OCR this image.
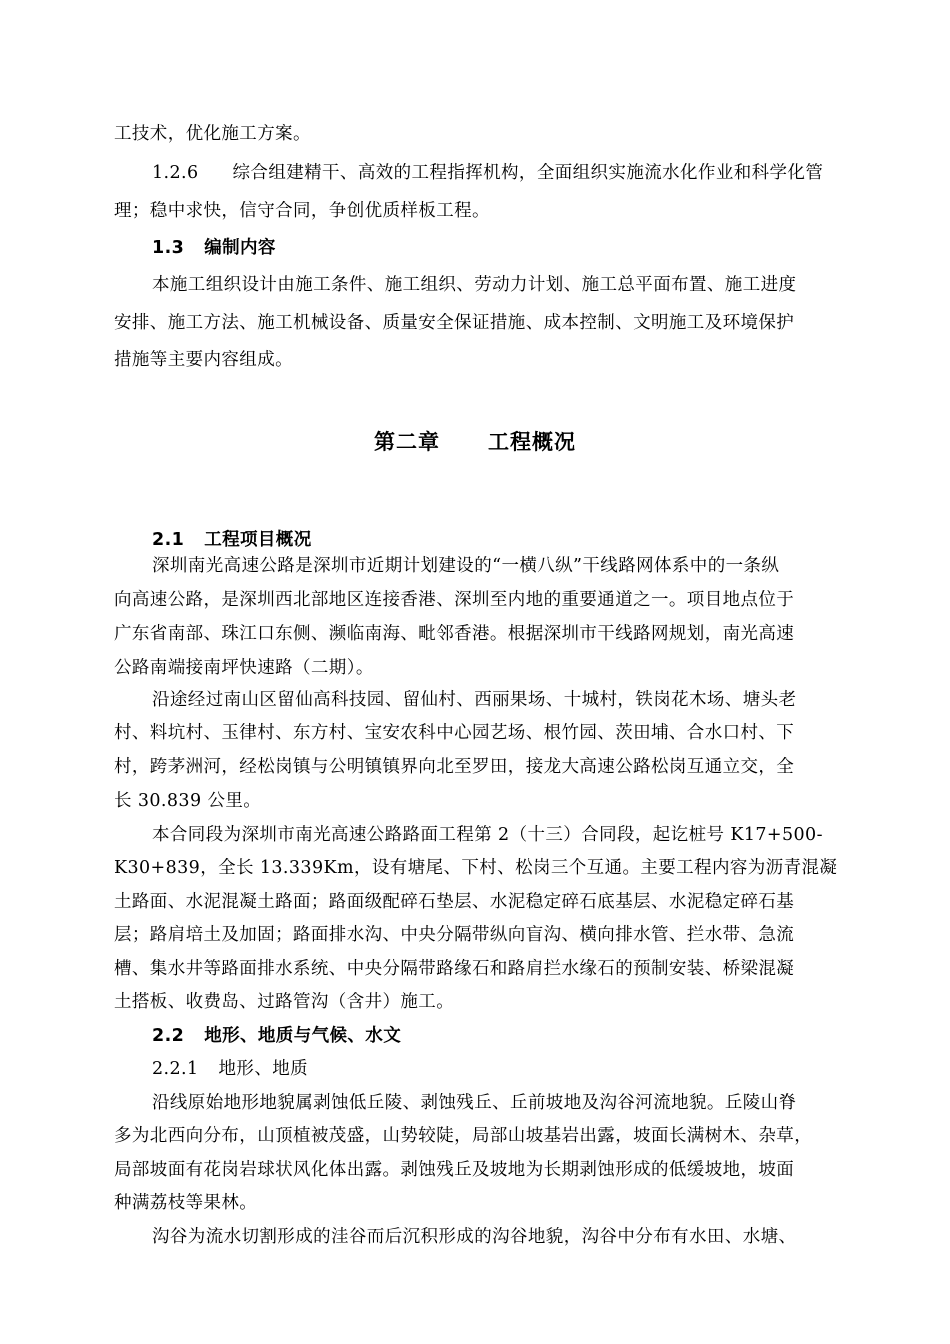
工技术，优化施工方案。
1.2.6 综合组建精干、高效的工程指挥机构，全面组织实施流水化作业和科学化管
理；稳中求快，信守合同，争创优质样板工程。
1.3 编制内容
本施工组织设计由施工条件、施工组织、劳动力计划、施工总平面布置、施工进度
安排、施工方法、施工机械设备、质量安全保证措施、成本控制、文明施工及环境保护
措施等主要内容组成。
第二章 工程概况
2.1 工程项目概况
深圳南光高速公路是深圳市近期计划建设的“一横八纵”干线路网体系中的一条纵
向高速公路，是深圳西北部地区连接香港、深圳至内地的重要通道之一。项目地点位于
广东省南部、珠江口东侧、濒临南海、毗邻香港。根据深圳市干线路网规划，南光高速
公路南端接南坪快速路（二期）。
沿途经过南山区留仙高科技园、留仙村、西丽果场、十城村，铁岗花木场、塘头老
村、料坑村、玉律村、东方村、宝安农科中心园艺场、根竹园、茨田埔、合水口村、下
村，跨茅洲河，经松岗镇与公明镇镇界向北至罗田，接龙大高速公路松岗互通立交，全
长 30.839 公里。
本合同段为深圳市南光高速公路路面工程第 2（十三）合同段，起讫桩号 K17+500-
K30+839，全长 13.339Km，设有塘尾、下村、松岗三个互通。主要工程内容为沥青混凝
土路面、水泥混凝土路面；路面级配碎石垫层、水泥稳定碎石底基层、水泥稳定碎石基
层；路肩培土及加固；路面排水沟、中央分隔带纵向盲沟、横向排水管、拦水带、急流
槽、集水井等路面排水系统、中央分隔带路缘石和路肩拦水缘石的预制安装、桥梁混凝
土搭板、收费岛、过路管沟（含井）施工。
2.2 地形、地质与气候、水文
2.2.1 地形、地质
沿线原始地形地貌属剥蚀低丘陵、剥蚀残丘、丘前坡地及沟谷河流地貌。丘陵山脊
多为北西向分布，山顶植被茂盛，山势较陡，局部山坡基岩出露，坡面长满树木、杂草，
局部坡面有花岗岩球状风化体出露。剥蚀残丘及坡地为长期剥蚀形成的低缓坡地，坡面
种满荔枝等果林。
沟谷为流水切割形成的洼谷而后沉积形成的沟谷地貌，沟谷中分布有水田、水塘、
